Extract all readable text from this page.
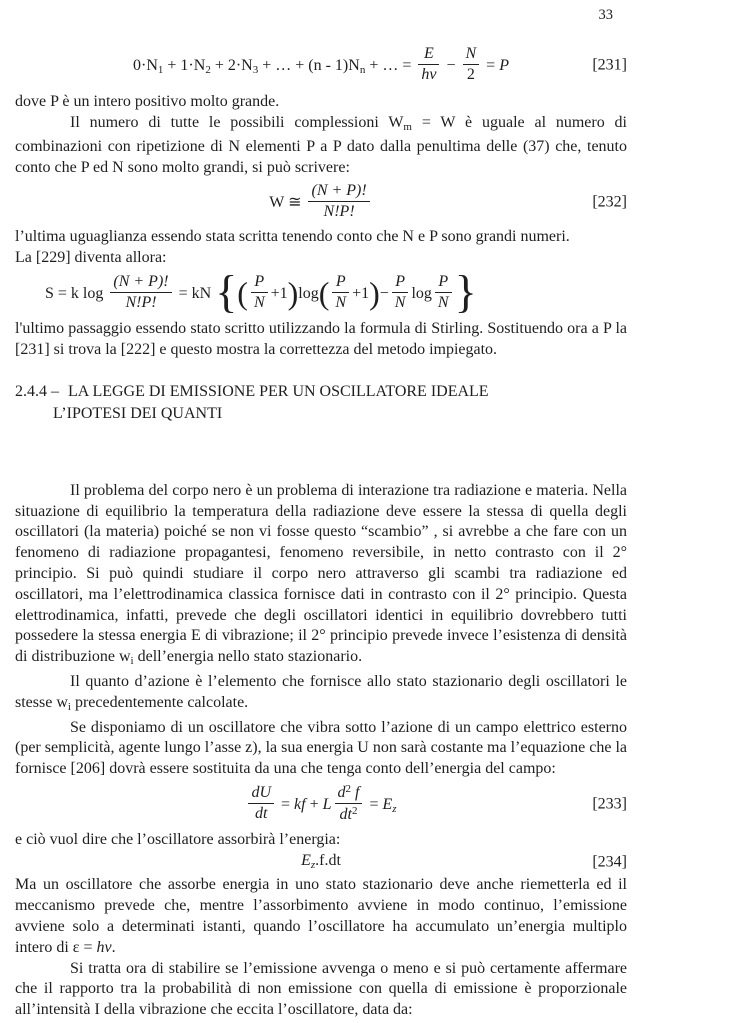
33
0·N1 + 1·N2 + 2·N3 + … + (n - 1)Nn + … = $\frac{E}{h\nu} - \frac{N}{2} = P$	[231]

dove P è un intero positivo molto grande.

Il numero di tutte le possibili complessioni Wm = W è uguale al numero di combinazioni con ripetizione di N elementi P a P dato dalla penultima delle (37) che, tenuto conto che P ed N sono molto grandi, si può scrivere:

W ≅ $\frac{(N + P)!}{N!P!}$	[232]

l’ultima uguaglianza essendo stata scritta tenendo conto che N e P sono grandi numeri.

La [229] diventa allora:

S = k $\log \frac{(N + P)!}{N!P!}$ = kN {( $\frac{P}{N} +1)\log( \frac{P}{N} +1)- \frac{P}{N}$ $\log \frac{P}{N}$ }

l'ultimo passaggio essendo stato scritto utilizzando la formula di Stirling. Sostituendo ora a P la [231] si trova la [222] e questo mostra la correttezza del metodo impiegato.

2.4.4 – LA LEGGE DI EMISSIONE PER UN OSCILLATORE IDEALE
L’IPOTESI DEI QUANTI

Il problema del corpo nero è un problema di interazione tra radiazione e materia. Nella situazione di equilibrio la temperatura della radiazione deve essere la stessa di quella degli oscillatori (la materia) poiché se non vi fosse questo “scambio” , si avrebbe a che fare con un fenomeno di radiazione propagantesi, fenomeno reversibile, in netto contrasto con il 2° principio. Si può quindi studiare il corpo nero attraverso gli scambi tra radiazione ed oscillatori, ma l’elettrodinamica classica fornisce dati in contrasto con il 2° principio. Questa elettrodinamica, infatti, prevede che degli oscillatori identici in equilibrio dovrebbero tutti possedere la stessa energia E di vibrazione; il 2° principio prevede invece l’esistenza di densità di distribuzione wi dell’energia nello stato stazionario.

Il quanto d’azione è l’elemento che fornisce allo stato stazionario degli oscillatori le stesse wi precedentemente calcolate.

Se disponiamo di un oscillatore che vibra sotto l’azione di un campo elettrico esterno (per semplicità, agente lungo l’asse z), la sua energia U non sarà costante ma l’equazione che la fornisce [206] dovrà essere sostituita da una che tenga conto dell’energia del campo:

$\frac{dU}{dt}$ = kf + L $\frac{d^2 f}{dt^2} = Ez$	[233]

e ciò vuol dire che l’oscillatore assorbirà l’energia:

Ez.f.dt	[234]

Ma un oscillatore che assorbe energia in uno stato stazionario deve anche riemetterla ed il meccanismo prevede che, mentre l’assorbimento avviene in modo continuo, l’emissione avviene solo a determinati istanti, quando l’oscillatore ha accumulato un’energia multiplo intero di ε = hν.

Si tratta ora di stabilire se l’emissione avvenga o meno e si può certamente affermare che il rapporto tra la probabilità di non emissione con quella di emissione è proporzionale all’intensità I della vibrazione che eccita l’oscillatore, data da:
